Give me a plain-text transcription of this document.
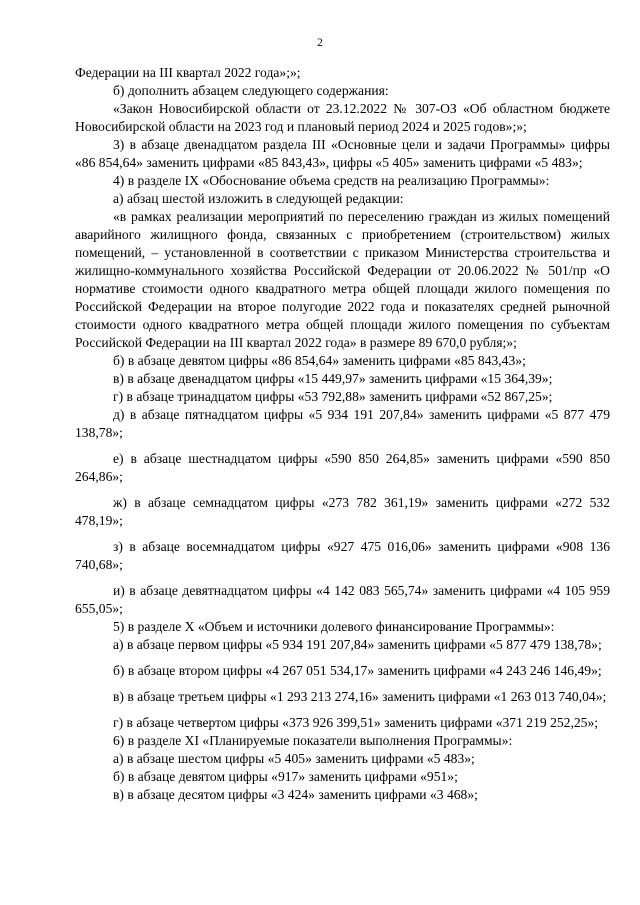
2

Федерации на III квартал 2022 года»;»;

б) дополнить абзацем следующего содержания:

«Закон Новосибирской области от 23.12.2022 № 307-ОЗ «Об областном бюджете Новосибирской области на 2023 год и плановый период 2024 и 2025 годов»;»;

3) в абзаце двенадцатом раздела III «Основные цели и задачи Программы» цифры «86 854,64» заменить цифрами «85 843,43», цифры «5 405» заменить цифрами «5 483»;

4) в разделе IX «Обоснование объема средств на реализацию Программы»:

а) абзац шестой изложить в следующей редакции:

«в рамках реализации мероприятий по переселению граждан из жилых помещений аварийного жилищного фонда, связанных с приобретением (строительством) жилых помещений, – установленной в соответствии с приказом Министерства строительства и жилищно-коммунального хозяйства Российской Федерации от 20.06.2022 № 501/пр «О нормативе стоимости одного квадратного метра общей площади жилого помещения по Российской Федерации на второе полугодие 2022 года и показателях средней рыночной стоимости одного квадратного метра общей площади жилого помещения по субъектам Российской Федерации на III квартал 2022 года» в размере 89 670,0 рубля;»;

б) в абзаце девятом цифры «86 854,64» заменить цифрами «85 843,43»;

в) в абзаце двенадцатом цифры «15 449,97» заменить цифрами «15 364,39»;

г) в абзаце тринадцатом цифры «53 792,88» заменить цифрами «52 867,25»;

д) в абзаце пятнадцатом цифры «5 934 191 207,84» заменить цифрами «5 877 479 138,78»;

е) в абзаце шестнадцатом цифры «590 850 264,85» заменить цифрами «590 850 264,86»;

ж) в абзаце семнадцатом цифры «273 782 361,19» заменить цифрами «272 532 478,19»;

з) в абзаце восемнадцатом цифры «927 475 016,06» заменить цифрами «908 136 740,68»;

и) в абзаце девятнадцатом цифры «4 142 083 565,74» заменить цифрами «4 105 959 655,05»;

5) в разделе X «Объем и источники долевого финансирование Программы»:

а) в абзаце первом цифры «5 934 191 207,84» заменить цифрами «5 877 479 138,78»;

б) в абзаце втором цифры «4 267 051 534,17» заменить цифрами «4 243 246 146,49»;

в) в абзаце третьем цифры «1 293 213 274,16» заменить цифрами «1 263 013 740,04»;

г) в абзаце четвертом цифры «373 926 399,51» заменить цифрами «371 219 252,25»;

6) в разделе XI «Планируемые показатели выполнения Программы»:

а) в абзаце шестом цифры «5 405» заменить цифрами «5 483»;

б) в абзаце девятом цифры «917» заменить цифрами «951»;

в) в абзаце десятом цифры «3 424» заменить цифрами «3 468»;
